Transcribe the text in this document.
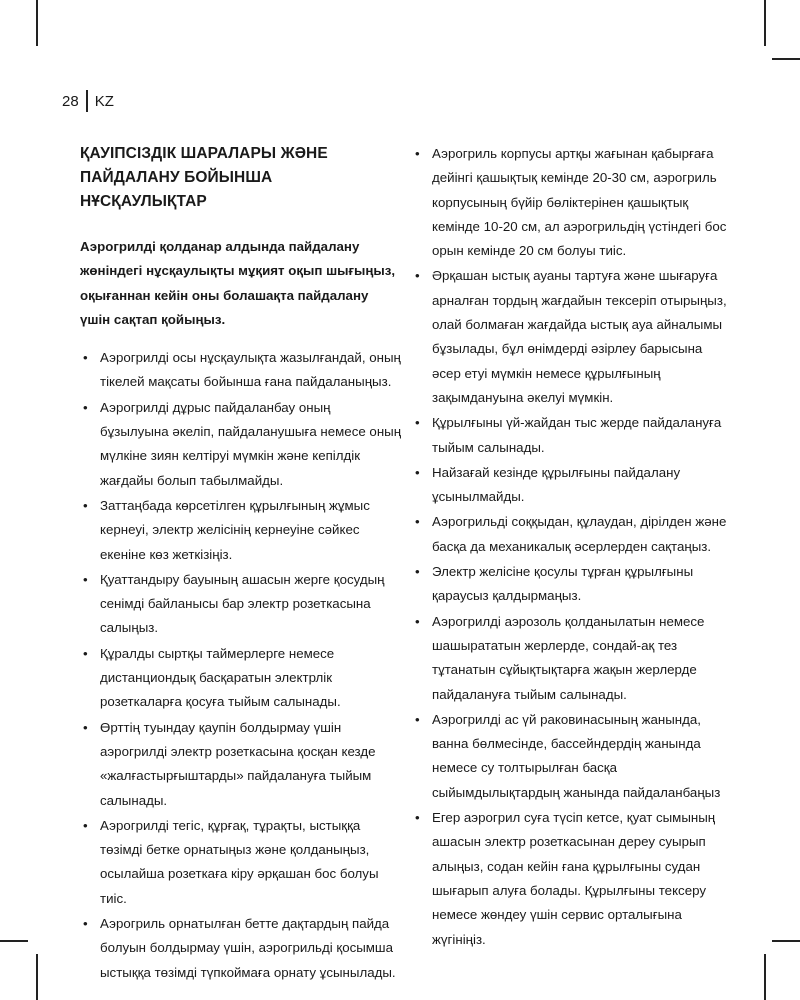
28	KZ
ҚАУІПСІЗДІК ШАРАЛАРЫ ЖӘНЕ ПАЙДАЛАНУ БОЙЫНША НҰСҚАУЛЫҚТАР

Аэрогрилді қолданар алдында пайдалану жөніндегі нұсқаулықты мұқият оқып шығыңыз, оқығаннан кейін оны болашақта пайдалану үшін сақтап қойыңыз.

• Аэрогрилді осы нұсқаулықта жазылғандай, оның тікелей мақсаты бойынша ғана пайдаланыңыз.
• Аэрогрилді дұрыс пайдаланбау оның бұзылуына әкеліп, пайдаланушыға немесе оның мүлкіне зиян келтіруі мүмкін және кепілдік жағдайы болып табылмайды.
• Заттаңбада көрсетілген құрылғының жұмыс кернеуі, электр желісінің кернеуіне сәйкес екеніне көз жеткізіңіз.
• Қуаттандыру бауының ашасын жерге қосудың сенімді байланысы бар электр розеткасына салыңыз.
• Құралды сыртқы таймерлерге немесе дистанциондық басқаратын электрлік розеткаларға қосуға тыйым салынады.
• Өрттің туындау қаупін болдырмау үшін аэрогрилді электр розеткасына қосқан кезде «жалғастырғыштарды» пайдалануға тыйым салынады.
• Аэрогрилді тегіс, құрғақ, тұрақты, ыстыққа төзімді бетке орнатыңыз және қолданыңыз, осылайша розеткаға кіру әрқашан бос болуы тиіс.
• Аэрогриль орнатылған бетте дақтардың пайда болуын болдырмау үшін, аэрогрильді қосымша ыстыққа төзімді түпкоймаға орнату ұсынылады.
• Аэрогриль корпусы артқы жағынан қабырғаға дейінгі қашықтық кемінде 20-30 см, аэрогриль корпусының бүйір бөліктерінен қашықтық кемінде 10-20 см, ал аэрогрильдің үстіндегі бос орын кемінде 20 см болуы тиіс.
• Әрқашан ыстық ауаны тартуға және шығаруға арналған тордың жағдайын тексеріп отырыңыз, олай болмаған жағдайда ыстық ауа айналымы бұзылады, бұл өнімдерді әзірлеу барысына әсер етуі мүмкін немесе құрылғының зақымдануына әкелуі мүмкін.
• Құрылғыны үй-жайдан тыс жерде пайдалануға тыйым салынады.
• Найзағай кезінде құрылғыны пайдалану ұсынылмайды.
• Аэрогрильді соққыдан, құлаудан, дірілден және басқа да механикалық әсерлерден сақтаңыз.
• Электр желісіне қосулы тұрған құрылғыны қараусыз қалдырмаңыз.
• Аэрогрилді аэрозоль қолданылатын немесе шашырататын жерлерде, сондай-ақ тез тұтанатын сұйықтықтарға жақын жерлерде пайдалануға тыйым салынады.
• Аэрогрилді ас үй раковинасының жанында, ванна бөлмесінде, бассейндердің жанында немесе су толтырылған басқа сыйымдылықтардың жанында пайдаланбаңыз
• Егер аэрогрил суға түсіп кетсе, қуат сымының ашасын электр розеткасынан дереу суырып алыңыз, содан кейін ғана құрылғыны судан шығарып алуға болады. Құрылғыны тексеру немесе жөндеу үшін сервис орталығына жүгініңіз.
